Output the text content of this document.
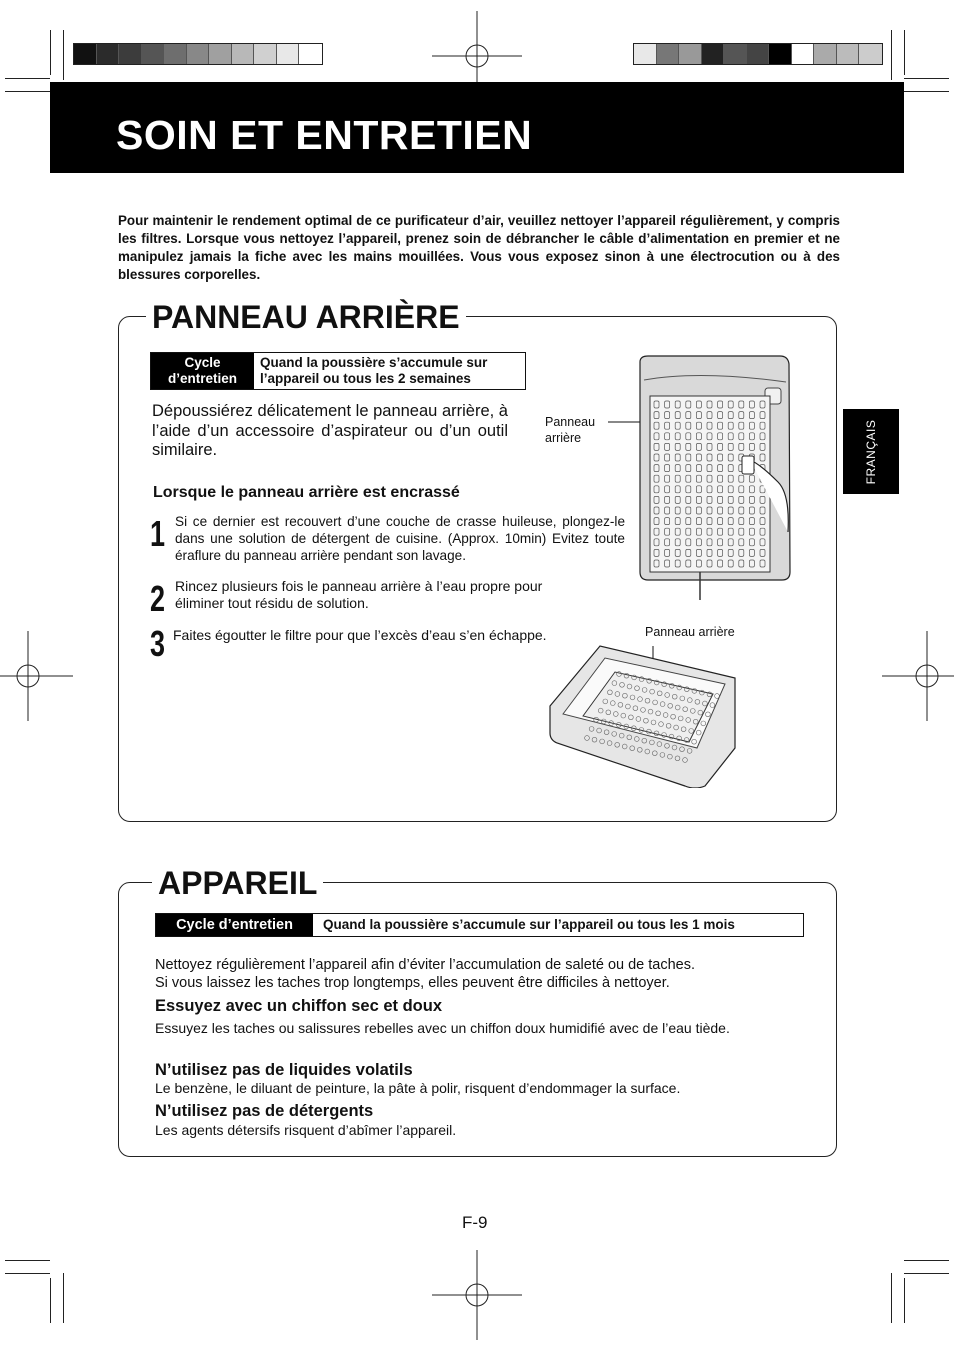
SOIN ET ENTRETIEN
FRANÇAIS
Pour maintenir le rendement optimal de ce purificateur d’air, veuillez nettoyer l’appareil régulièrement, y compris les filtres. Lorsque vous nettoyez l’appareil, prenez soin de débrancher le câble d’alimentation en premier et ne manipulez jamais la fiche avec les mains mouillées. Vous vous exposez sinon à une électrocution ou à des blessures corporelles.
PANNEAU ARRIÈRE
Cycle
d’entretien
Quand la poussière s’accumule sur
l’appareil ou tous les 2 semaines
Dépoussiérez délicatement le panneau arrière, à l’aide d’un accessoire d’aspirateur ou d’un outil similaire.
Lorsque le panneau arrière est encrassé
1 Si ce dernier est recouvert d’une couche de crasse huileuse, plongez-le dans une solution de détergent de cuisine. (Approx. 10min) Evitez toute éraflure du panneau arrière pendant son lavage.
2 Rincez plusieurs fois le panneau arrière à l’eau propre pour éliminer tout résidu de solution.
3 Faites égoutter le filtre pour que l’excès d’eau s’en échappe.
Panneau
arrière
Panneau arrière
APPAREIL
Cycle d’entretien	Quand la poussière s’accumule sur l’appareil ou tous les 1 mois
Nettoyez régulièrement l’appareil afin d’éviter l’accumulation de saleté ou de taches.
Si vous laissez les taches trop longtemps, elles peuvent être difficiles à nettoyer.
Essuyez avec un chiffon sec et doux
Essuyez les taches ou salissures rebelles avec un chiffon doux humidifié avec de l’eau tiède.
N’utilisez pas de liquides volatils
Le benzène, le diluant de peinture, la pâte à polir, risquent d’endommager la surface.
N’utilisez pas de détergents
Les agents détersifs risquent d’abîmer l’appareil.
F-9
